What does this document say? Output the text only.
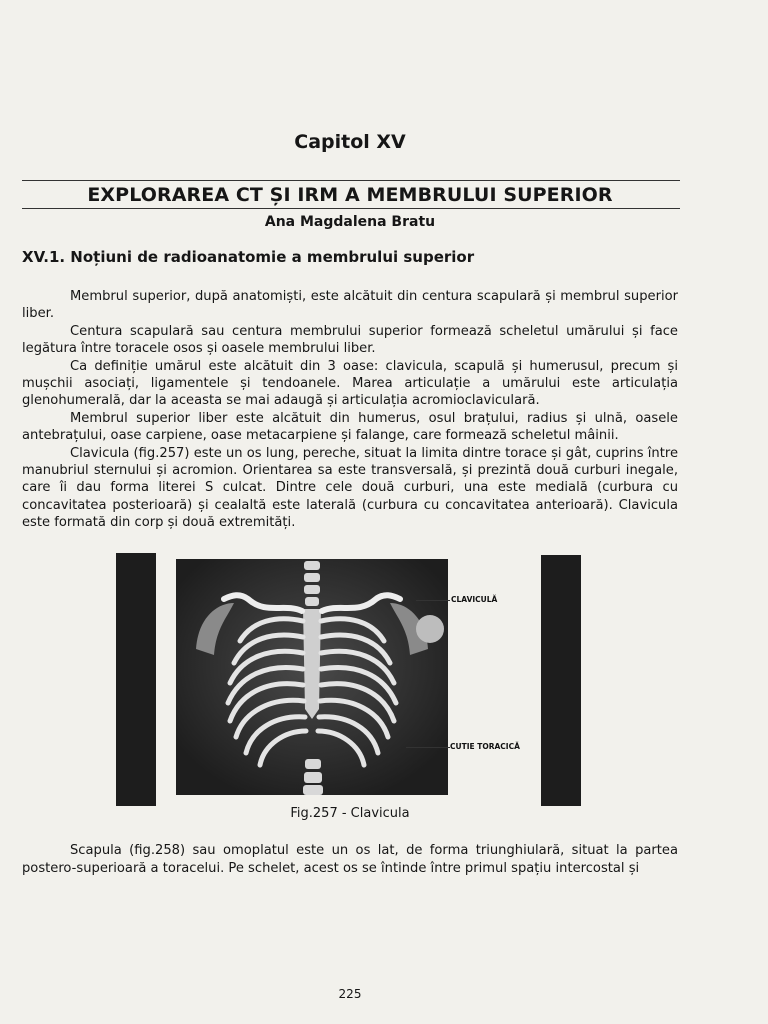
Capitol XV
EXPLORAREA CT ȘI IRM A MEMBRULUI SUPERIOR
Ana Magdalena Bratu
XV.1. Noțiuni de radioanatomie a membrului superior

Membrul superior, după anatomiști, este alcătuit din centura scapulară și membrul superior liber.

Centura scapulară sau centura membrului superior formează scheletul umărului și face legătura între toracele osos și oasele membrului liber.

Ca definiție umărul este alcătuit din 3 oase: clavicula, scapulă și humerusul, precum și mușchii asociați, ligamentele și tendoanele. Marea articulație a umărului este articulația glenohumerală, dar la aceasta se mai adaugă și articulația acromioclaviculară.

Membrul superior liber este alcătuit din humerus, osul brațului, radius și ulnă, oasele antebrațului, oase carpiene, oase metacarpiene și falange, care formează scheletul mâinii.

Clavicula (fig.257) este un os lung, pereche, situat la limita dintre torace și gât, cuprins între manubriul sternului și acromion. Orientarea sa este transversală, și prezintă două curburi inegale, care îi dau forma literei S culcat. Dintre cele două curburi, una este medială (curbura cu concavitatea posterioară) și cealaltă este laterală (curbura cu concavitatea anterioară). Clavicula este formată din corp și două extremități.

CLAVICULĂ
CUTIE TORACICĂ
Fig.257 - Clavicula

Scapula (fig.258) sau omoplatul este un os lat, de forma triunghiulară, situat la partea postero-superioară a toracelui. Pe schelet, acest os se întinde între primul spațiu intercostal și

225
